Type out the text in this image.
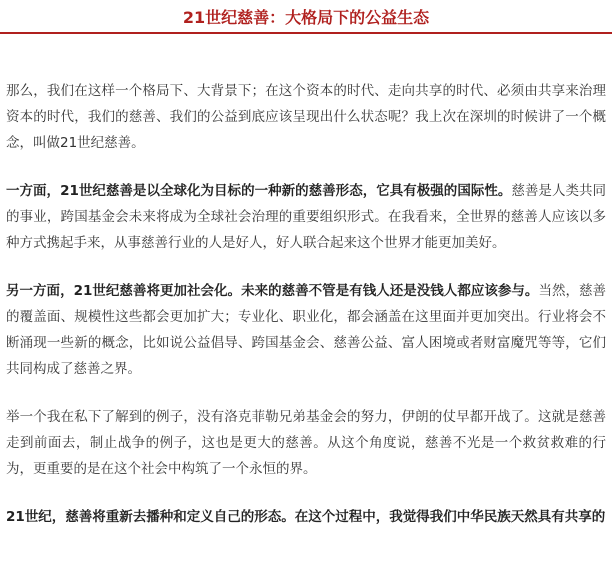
21世纪慈善：大格局下的公益生态

那么，我们在这样一个格局下、大背景下；在这个资本的时代、走向共享的时代、必须由共享来治理资本的时代，我们的慈善、我们的公益到底应该呈现出什么状态呢？我上次在深圳的时候讲了一个概念，叫做21世纪慈善。

一方面，21世纪慈善是以全球化为目标的一种新的慈善形态，它具有极强的国际性。慈善是人类共同的事业，跨国基金会未来将成为全球社会治理的重要组织形式。在我看来，全世界的慈善人应该以多种方式携起手来，从事慈善行业的人是好人，好人联合起来这个世界才能更加美好。

另一方面，21世纪慈善将更加社会化。未来的慈善不管是有钱人还是没钱人都应该参与。当然，慈善的覆盖面、规模性这些都会更加扩大；专业化、职业化，都会涵盖在这里面并更加突出。行业将会不断涌现一些新的概念，比如说公益倡导、跨国基金会、慈善公益、富人困境或者财富魔咒等等，它们共同构成了慈善之界。

举一个我在私下了解到的例子，没有洛克菲勒兄弟基金会的努力，伊朗的仗早都开战了。这就是慈善走到前面去，制止战争的例子，这也是更大的慈善。从这个角度说，慈善不光是一个救贫救难的行为，更重要的是在这个社会中构筑了一个永恒的界。

21世纪，慈善将重新去播种和定义自己的形态。在这个过程中，我觉得我们中华民族天然具有共享的
